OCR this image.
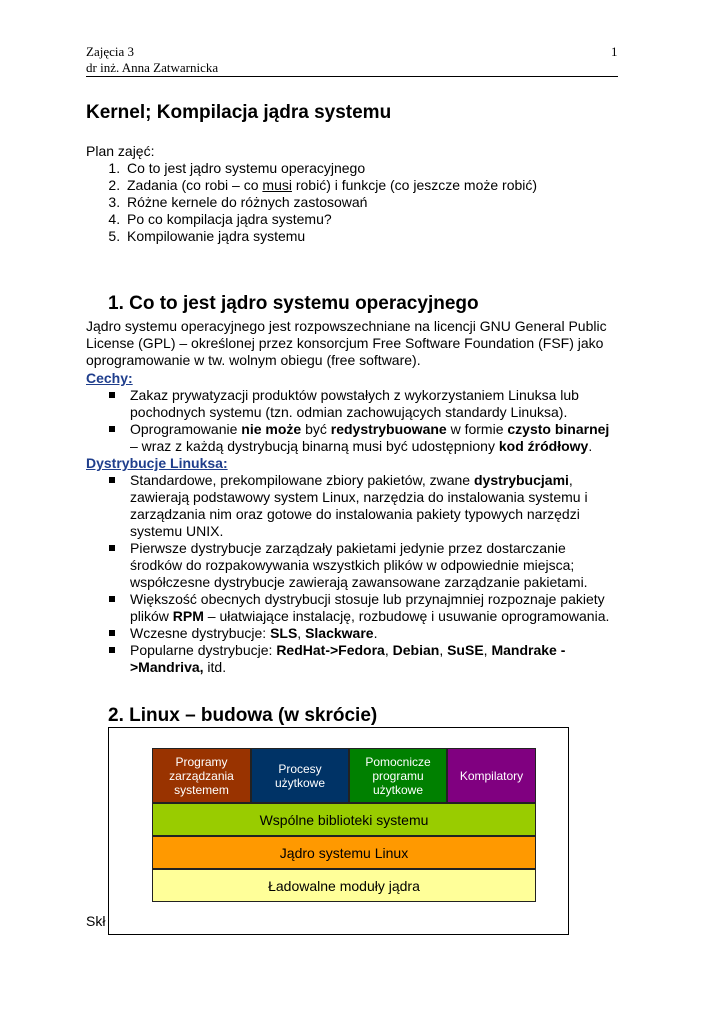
Zajęcia 3
dr inż. Anna Zatwarnicka
1
Kernel; Kompilacja jądra systemu
Plan zajęć:
1. Co to jest jądro systemu operacyjnego
2. Zadania (co robi – co musi robić) i funkcje (co jeszcze może robić)
3. Różne kernele do różnych zastosowań
4. Po co kompilacja jądra systemu?
5. Kompilowanie jądra systemu
1. Co to jest jądro systemu operacyjnego
Jądro systemu operacyjnego jest rozpowszechniane na licencji GNU General Public License (GPL) – określonej przez konsorcjum Free Software Foundation (FSF) jako oprogramowanie w tw. wolnym obiegu (free software).
Cechy:
Zakaz prywatyzacji produktów powstałych z wykorzystaniem Linuksa lub pochodnych systemu (tzn. odmian zachowujących standardy Linuksa).
Oprogramowanie nie może być redystrybuowane w formie czysto binarnej – wraz z każdą dystrybucją binarną musi być udostępniony kod źródłowy.
Dystrybucje Linuksa:
Standardowe, prekompilowane zbiory pakietów, zwane dystrybucjami, zawierają podstawowy system Linux, narzędzia do instalowania systemu i zarządzania nim oraz gotowe do instalowania pakiety typowych narzędzi systemu UNIX.
Pierwsze dystrybucje zarządzały pakietami jedynie przez dostarczanie środków do rozpakowywania wszystkich plików w odpowiednie miejsca; współczesne dystrybucje zawierają zawansowane zarządzanie pakietami.
Większość obecnych dystrybucji stosuje lub przynajmniej rozpoznaje pakiety plików RPM – ułatwiające instalację, rozbudowę i usuwanie oprogramowania.
Wczesne dystrybucje: SLS, Slackware.
Popularne dystrybucje: RedHat->Fedora, Debian, SuSE, Mandrake ->Mandriva, itd.
2. Linux – budowa (w skrócie)
Skł
Programy zarządzania systemem
Procesy użytkowe
Pomocnicze programu użytkowe
Kompilatory
Wspólne biblioteki systemu
Jądro systemu Linux
Ładowalne moduły jądra
